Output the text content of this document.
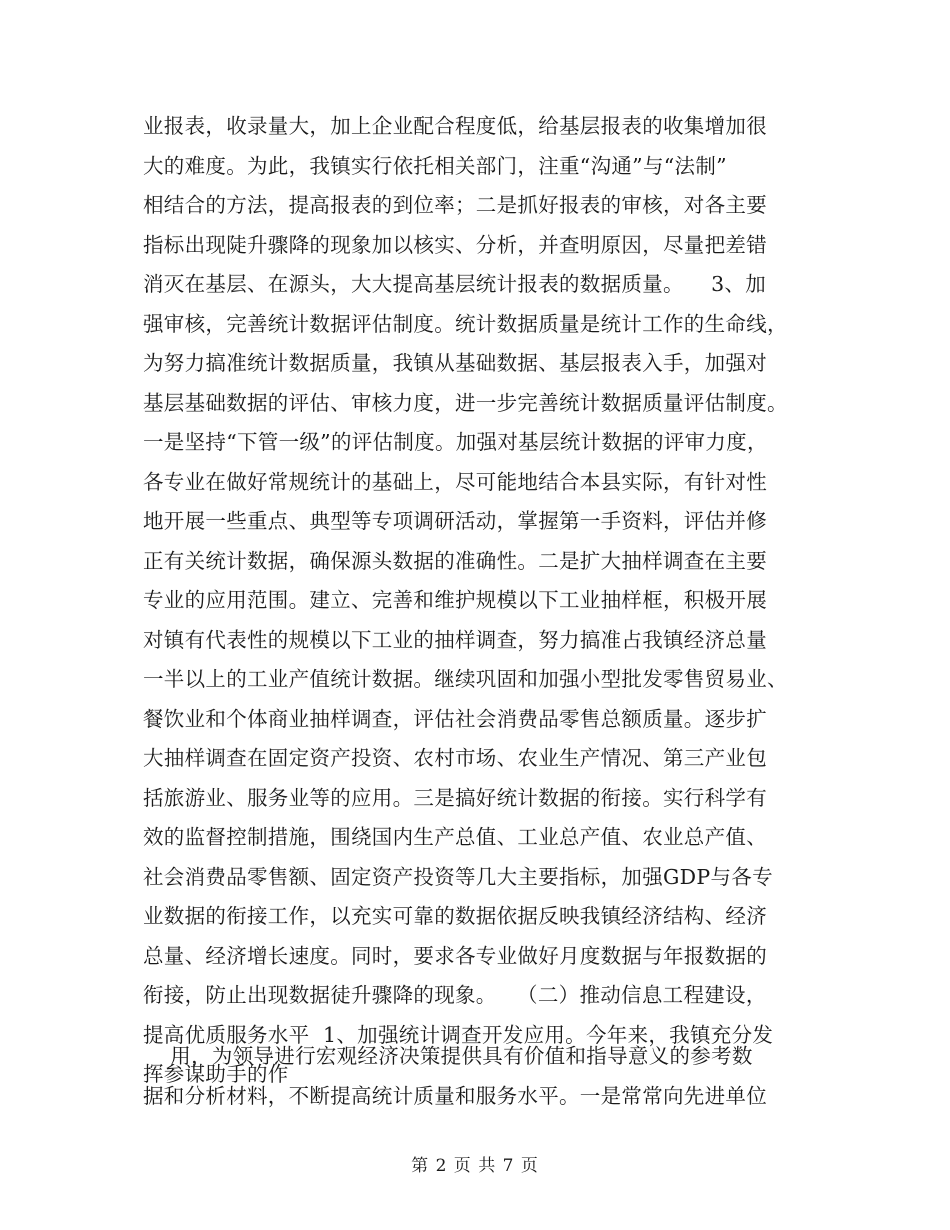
业报表，收录量大，加上企业配合程度低，给基层报表的收集增加很
大的难度。为此，我镇实行依托相关部门，注重“沟通”与“法制”
相结合的方法，提高报表的到位率；二是抓好报表的审核，对各主要
指标出现陡升骤降的现象加以核实、分析，并查明原因，尽量把差错
消灭在基层、在源头，大大提高基层统计报表的数据质量。    3、加
强审核，完善统计数据评估制度。统计数据质量是统计工作的生命线，
为努力搞准统计数据质量，我镇从基础数据、基层报表入手，加强对
基层基础数据的评估、审核力度，进一步完善统计数据质量评估制度。
一是坚持“下管一级”的评估制度。加强对基层统计数据的评审力度，
各专业在做好常规统计的基础上，尽可能地结合本县实际，有针对性
地开展一些重点、典型等专项调研活动，掌握第一手资料，评估并修
正有关统计数据，确保源头数据的准确性。二是扩大抽样调查在主要
专业的应用范围。建立、完善和维护规模以下工业抽样框，积极开展
对镇有代表性的规模以下工业的抽样调查，努力搞准占我镇经济总量
一半以上的工业产值统计数据。继续巩固和加强小型批发零售贸易业、
餐饮业和个体商业抽样调查，评估社会消费品零售总额质量。逐步扩
大抽样调查在固定资产投资、农村市场、农业生产情况、第三产业包
括旅游业、服务业等的应用。三是搞好统计数据的衔接。实行科学有
效的监督控制措施，围绕国内生产总值、工业总产值、农业总产值、
社会消费品零售额、固定资产投资等几大主要指标，加强GDP与各专
业数据的衔接工作，以充实可靠的数据依据反映我镇经济结构、经济
总量、经济增长速度。同时，要求各专业做好月度数据与年报数据的
衔接，防止出现数据徒升骤降的现象。   （二）推动信息工程建设，
提高优质服务水平  1、加强统计调查开发应用。今年来，我镇充分发
挥参谋助手的作
用，为领导进行宏观经济决策提供具有价值和指导意义的参考数
据和分析材料，不断提高统计质量和服务水平。一是常常向先进单位
第 2 页 共 7 页
